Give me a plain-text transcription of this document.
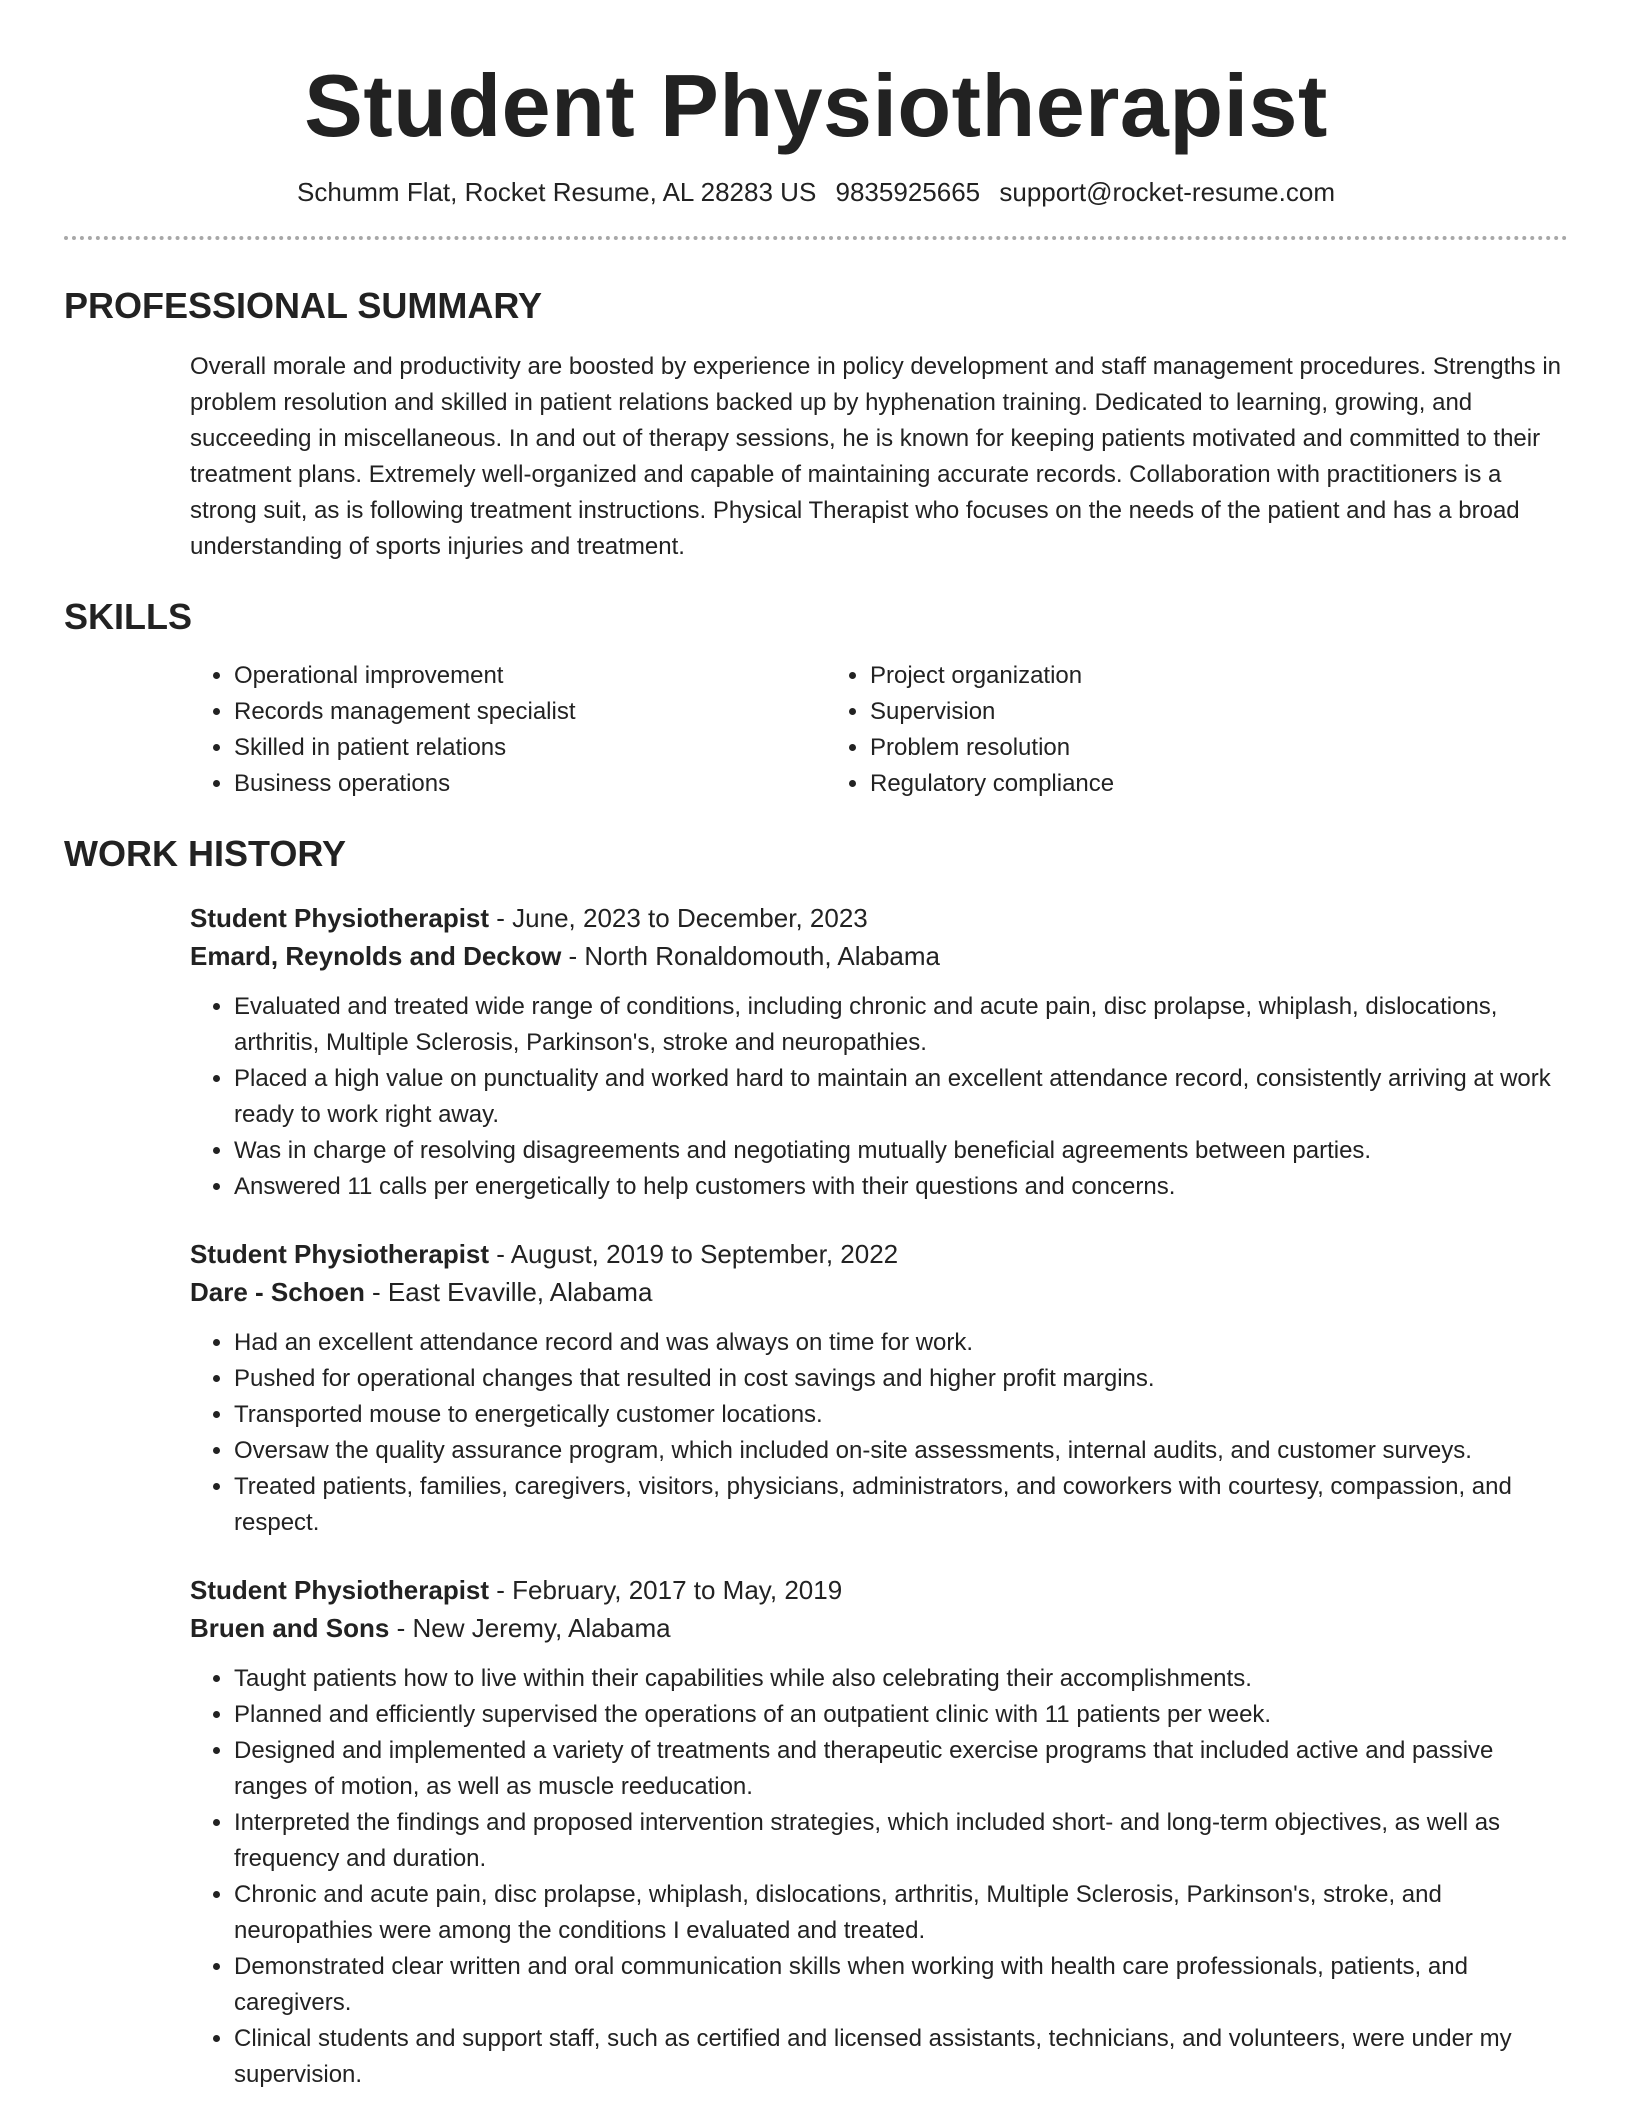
Student Physiotherapist
Schumm Flat, Rocket Resume, AL 28283 US 9835925665 support@rocket-resume.com
PROFESSIONAL SUMMARY

Overall morale and productivity are boosted by experience in policy development and staff management procedures. Strengths in problem resolution and skilled in patient relations backed up by hyphenation training. Dedicated to learning, growing, and succeeding in miscellaneous. In and out of therapy sessions, he is known for keeping patients motivated and committed to their treatment plans. Extremely well-organized and capable of maintaining accurate records. Collaboration with practitioners is a strong suit, as is following treatment instructions. Physical Therapist who focuses on the needs of the patient and has a broad understanding of sports injuries and treatment.

SKILLS
• Operational improvement
• Records management specialist
• Skilled in patient relations
• Business operations
• Project organization
• Supervision
• Problem resolution
• Regulatory compliance
WORK HISTORY
Student Physiotherapist - June, 2023 to December, 2023
Emard, Reynolds and Deckow - North Ronaldomouth, Alabama
• Evaluated and treated wide range of conditions, including chronic and acute pain, disc prolapse, whiplash, dislocations, arthritis, Multiple Sclerosis, Parkinson's, stroke and neuropathies.
• Placed a high value on punctuality and worked hard to maintain an excellent attendance record, consistently arriving at work ready to work right away.
• Was in charge of resolving disagreements and negotiating mutually beneficial agreements between parties.
• Answered 11 calls per energetically to help customers with their questions and concerns.
Student Physiotherapist - August, 2019 to September, 2022
Dare - Schoen - East Evaville, Alabama
• Had an excellent attendance record and was always on time for work.
• Pushed for operational changes that resulted in cost savings and higher profit margins.
• Transported mouse to energetically customer locations.
• Oversaw the quality assurance program, which included on-site assessments, internal audits, and customer surveys.
• Treated patients, families, caregivers, visitors, physicians, administrators, and coworkers with courtesy, compassion, and respect.
Student Physiotherapist - February, 2017 to May, 2019
Bruen and Sons - New Jeremy, Alabama
• Taught patients how to live within their capabilities while also celebrating their accomplishments.
• Planned and efficiently supervised the operations of an outpatient clinic with 11 patients per week.
• Designed and implemented a variety of treatments and therapeutic exercise programs that included active and passive ranges of motion, as well as muscle reeducation.
• Interpreted the findings and proposed intervention strategies, which included short- and long-term objectives, as well as frequency and duration.
• Chronic and acute pain, disc prolapse, whiplash, dislocations, arthritis, Multiple Sclerosis, Parkinson's, stroke, and neuropathies were among the conditions I evaluated and treated.
• Demonstrated clear written and oral communication skills when working with health care professionals, patients, and caregivers.
• Clinical students and support staff, such as certified and licensed assistants, technicians, and volunteers, were under my supervision.
